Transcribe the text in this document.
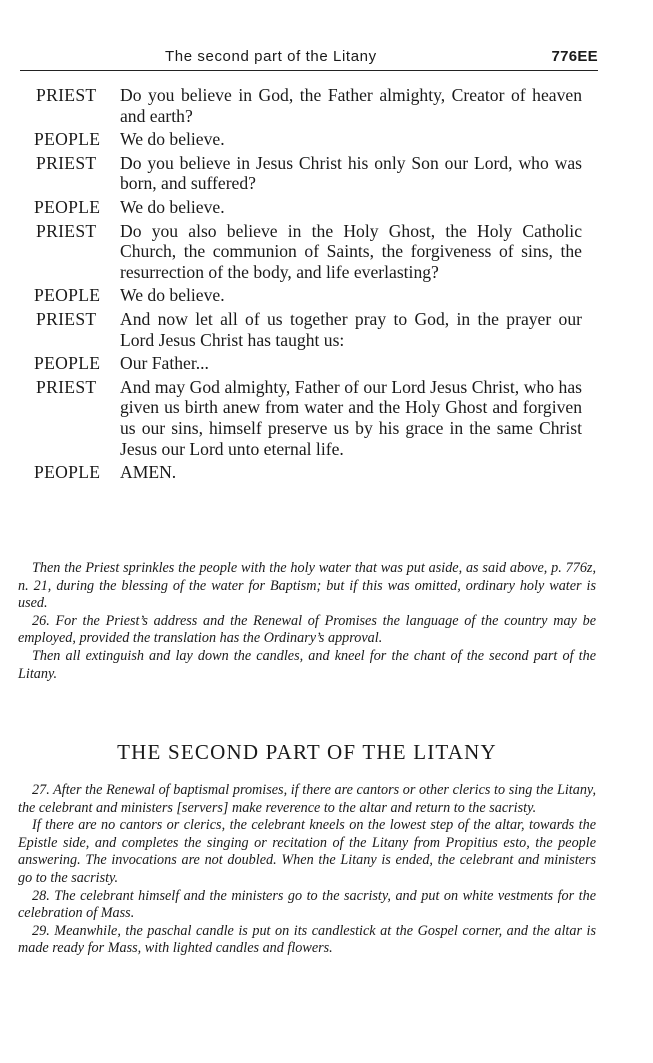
The second part of the Litany	776EE
PRIEST	Do you believe in God, the Father almighty, Creator of heaven and earth?
PEOPLE	We do believe.
PRIEST	Do you believe in Jesus Christ his only Son our Lord, who was born, and suffered?
PEOPLE	We do believe.
PRIEST	Do you also believe in the Holy Ghost, the Holy Catholic Church, the communion of Saints, the forgiveness of sins, the resurrection of the body, and life everlasting?
PEOPLE	We do believe.
PRIEST	And now let all of us together pray to God, in the prayer our Lord Jesus Christ has taught us:
PEOPLE	Our Father...
PRIEST	And may God almighty, Father of our Lord Jesus Christ, who has given us birth anew from water and the Holy Ghost and forgiven us our sins, himself preserve us by his grace in the same Christ Jesus our Lord unto eternal life.
PEOPLE	AMEN.

Then the Priest sprinkles the people with the holy water that was put aside, as said above, p. 776z, n. 21, during the blessing of the water for Baptism; but if this was omitted, ordinary holy water is used.

26. For the Priest’s address and the Renewal of Promises the language of the country may be employed, provided the translation has the Ordinary’s approval.

Then all extinguish and lay down the candles, and kneel for the chant of the second part of the Litany.

THE SECOND PART OF THE LITANY

27. After the Renewal of baptismal promises, if there are cantors or other clerics to sing the Litany, the celebrant and ministers [servers] make reverence to the altar and return to the sacristy.

If there are no cantors or clerics, the celebrant kneels on the lowest step of the altar, towards the Epistle side, and completes the singing or recitation of the Litany from Propitius esto, the people answering. The invocations are not doubled. When the Litany is ended, the celebrant and ministers go to the sacristy.

28. The celebrant himself and the ministers go to the sacristy, and put on white vestments for the celebration of Mass.

29. Meanwhile, the paschal candle is put on its candlestick at the Gospel corner, and the altar is made ready for Mass, with lighted candles and flowers.
